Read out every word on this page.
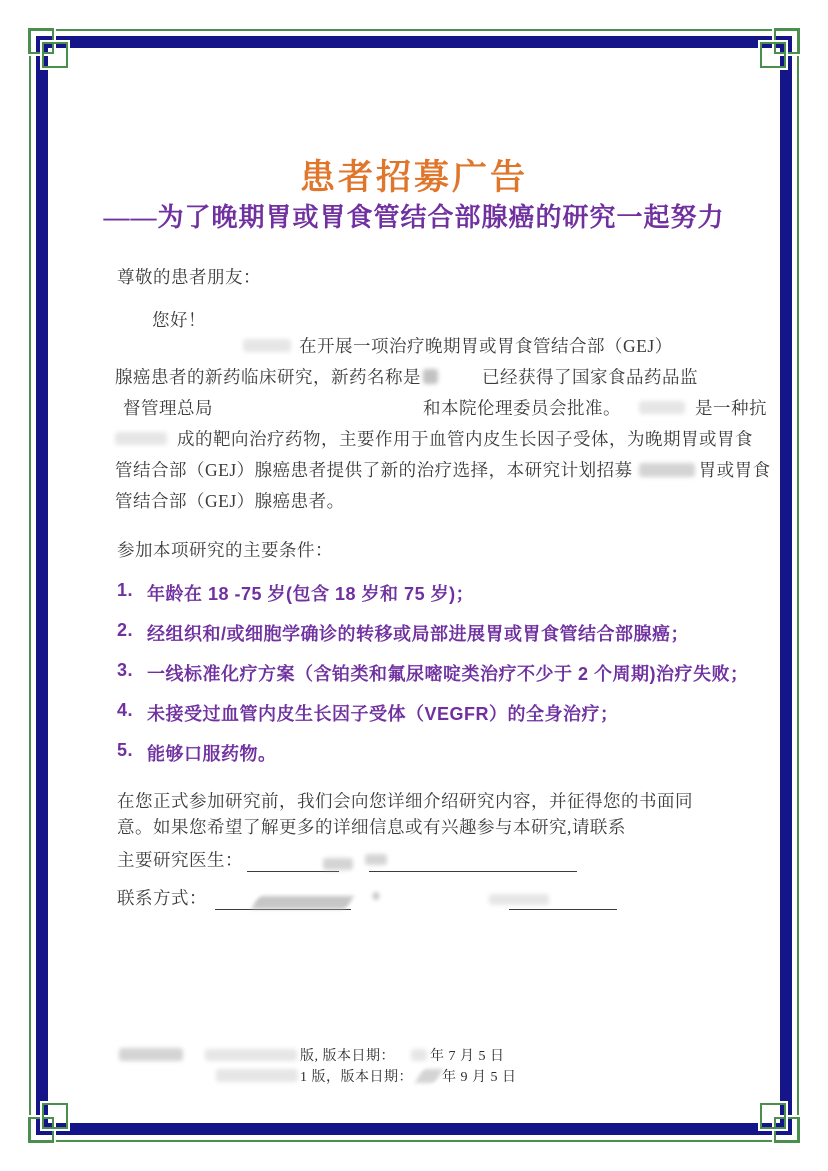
患者招募广告
——为了晚期胃或胃食管结合部腺癌的研究一起努力
尊敬的患者朋友：
您好！
在开展一项治疗晚期胃或胃食管结合部（GEJ）
腺癌患者的新药临床研究，新药名称是	已经获得了国家食品药品监
督管理总局	和本院伦理委员会批准。	是一种抗
成的靶向治疗药物，主要作用于血管内皮生长因子受体，为晚期胃或胃食
管结合部（GEJ）腺癌患者提供了新的治疗选择，本研究计划招募	胃或胃食
管结合部（GEJ）腺癌患者。
参加本项研究的主要条件：
1. 年龄在 18 -75 岁(包含 18 岁和 75 岁)；
2. 经组织和/或细胞学确诊的转移或局部进展胃或胃食管结合部腺癌；
3. 一线标准化疗方案（含铂类和氟尿嘧啶类治疗不少于 2 个周期)治疗失败；
4. 未接受过血管内皮生长因子受体（VEGFR）的全身治疗；
5. 能够口服药物。
在您正式参加研究前，我们会向您详细介绍研究内容，并征得您的书面同意。如果您希望了解更多的详细信息或有兴趣参与本研究,请联系
主要研究医生：
联系方式：
版, 版本日期：	年 7 月 5 日
1 版，版本日期： 年 9 月 5 日
